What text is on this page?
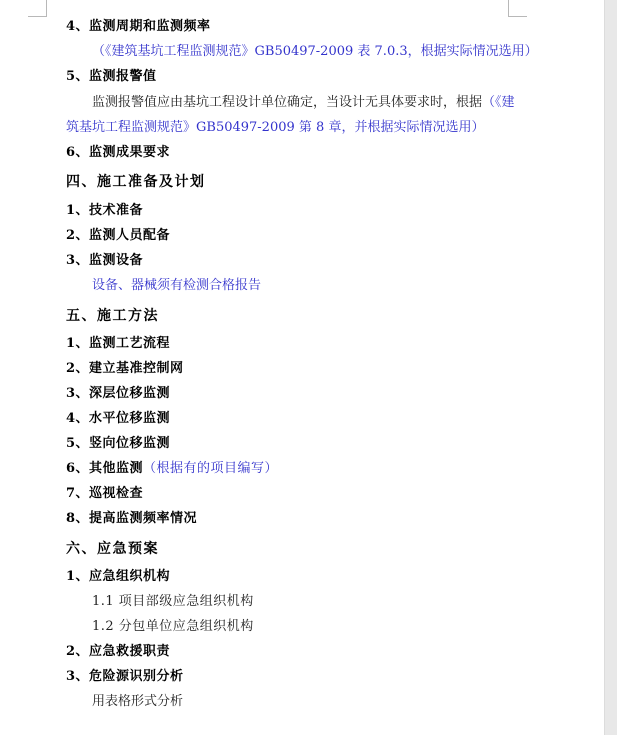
4、监测周期和监测频率
（《建筑基坑工程监测规范》GB50497-2009 表 7.0.3，根据实际情况选用）
5、监测报警值
监测报警值应由基坑工程设计单位确定，当设计无具体要求时，根据（《建
筑基坑工程监测规范》GB50497-2009 第 8 章，并根据实际情况选用）
6、监测成果要求
四、施工准备及计划
1、技术准备
2、监测人员配备
3、监测设备
设备、器械须有检测合格报告
五、施工方法
1、监测工艺流程
2、建立基准控制网
3、深层位移监测
4、水平位移监测
5、竖向位移监测
6、其他监测（根据有的项目编写）
7、巡视检查
8、提高监测频率情况
六、应急预案
1、应急组织机构
1.1 项目部级应急组织机构
1.2 分包单位应急组织机构
2、应急救援职责
3、危险源识别分析
用表格形式分析
